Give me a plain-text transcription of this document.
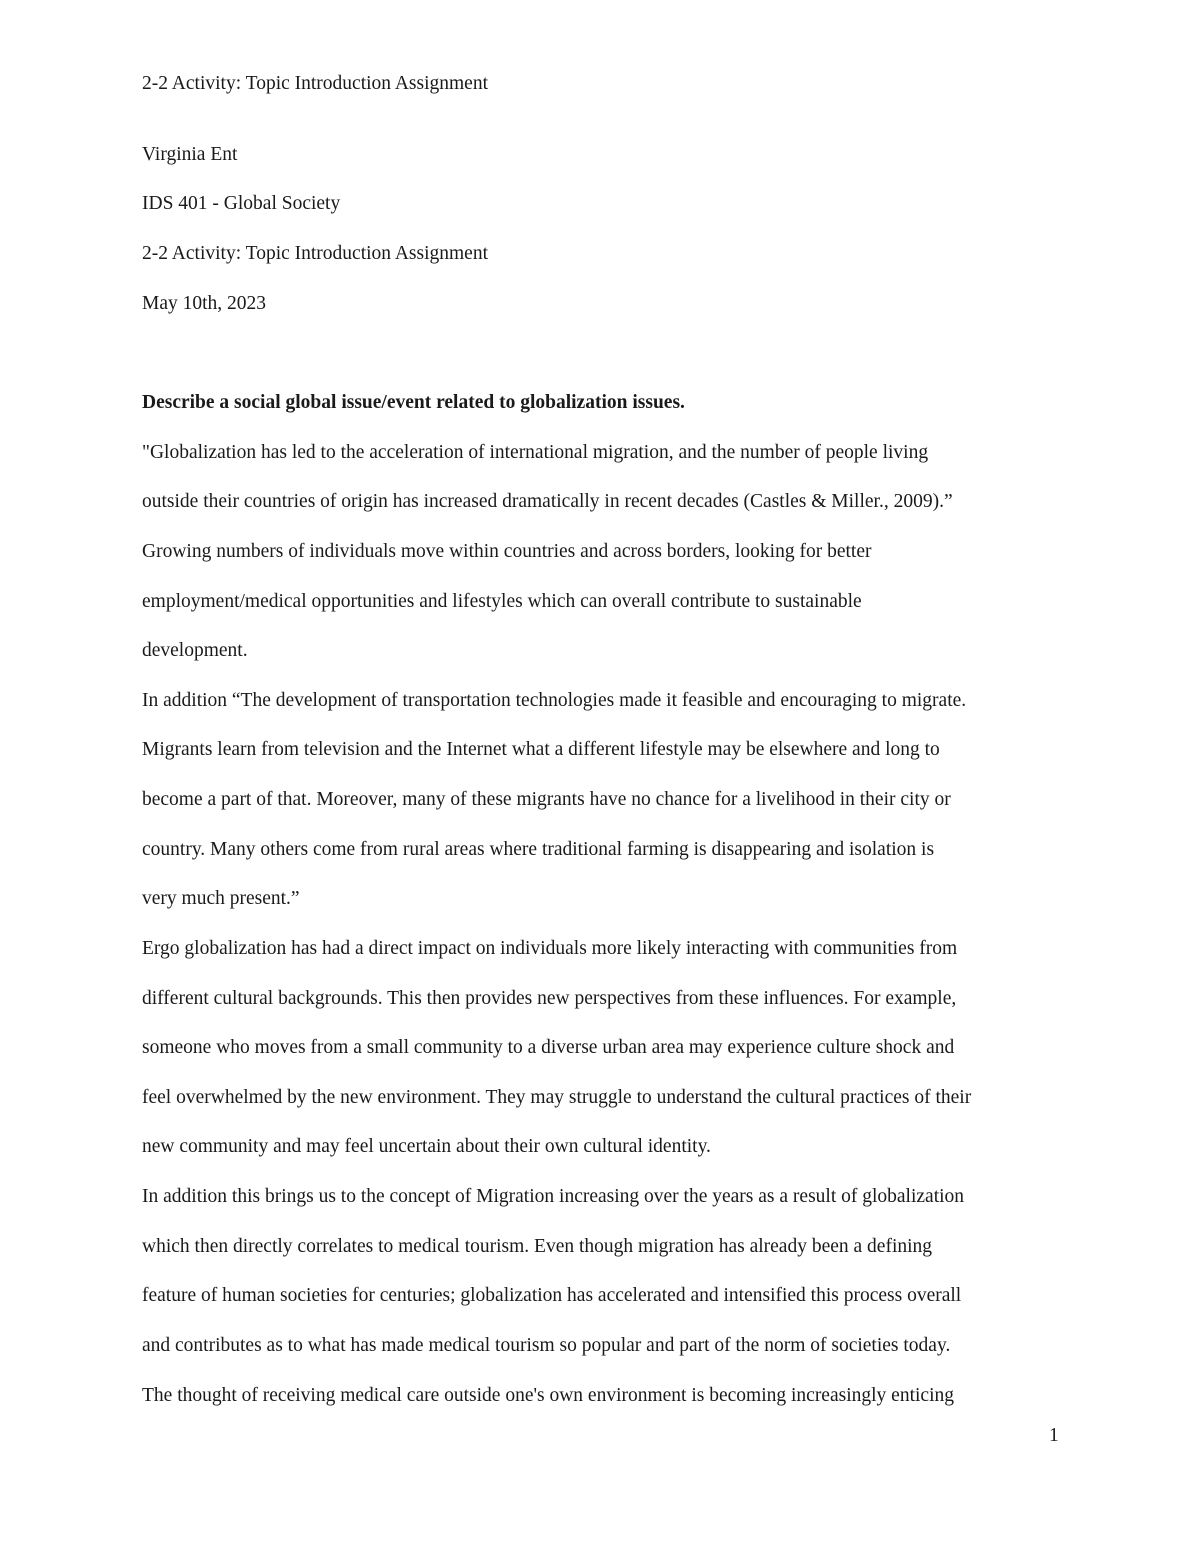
2-2 Activity: Topic Introduction Assignment
Virginia Ent
IDS 401 - Global Society
2-2 Activity: Topic Introduction Assignment
May 10th, 2023
Describe a social global issue/event related to globalization issues.
"Globalization has led to the acceleration of international migration, and the number of people living
outside their countries of origin has increased dramatically in recent decades (Castles & Miller., 2009).”
Growing numbers of individuals move within countries and across borders, looking for better
employment/medical opportunities and lifestyles which can overall contribute to sustainable
development.
In addition “The development of transportation technologies made it feasible and encouraging to migrate.
Migrants learn from television and the Internet what a different lifestyle may be elsewhere and long to
become a part of that. Moreover, many of these migrants have no chance for a livelihood in their city or
country. Many others come from rural areas where traditional farming is disappearing and isolation is
very much present.”
Ergo globalization has had a direct impact on individuals more likely interacting with communities from
different cultural backgrounds. This then provides new perspectives from these influences. For example,
someone who moves from a small community to a diverse urban area may experience culture shock and
feel overwhelmed by the new environment. They may struggle to understand the cultural practices of their
new community and may feel uncertain about their own cultural identity.
In addition this brings us to the concept of Migration increasing over the years as a result of globalization
which then directly correlates to medical tourism. Even though migration has already been a defining
feature of human societies for centuries; globalization has accelerated and intensified this process overall
and contributes as to what has made medical tourism so popular and part of the norm of societies today.
The thought of receiving medical care outside one's own environment is becoming increasingly enticing
1
